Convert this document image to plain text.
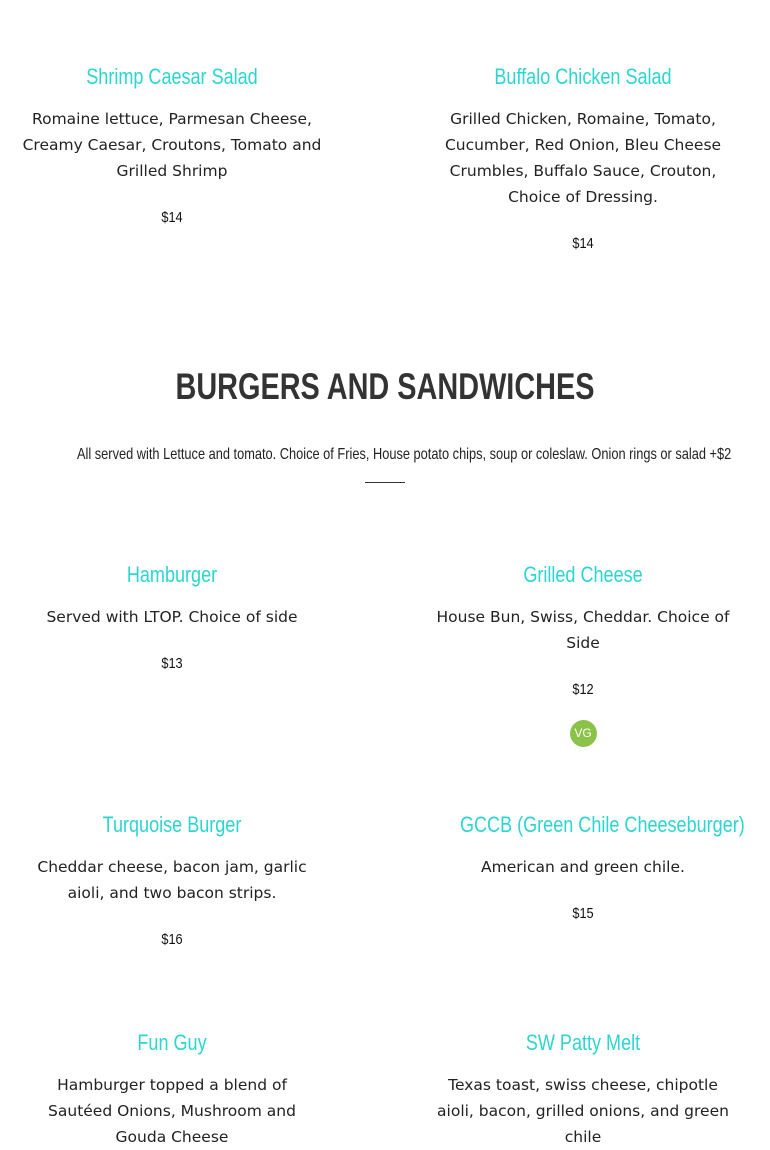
Shrimp Caesar Salad

Romaine lettuce, Parmesan Cheese, Creamy Caesar, Croutons, Tomato and Grilled Shrimp

$14

Buffalo Chicken Salad

Grilled Chicken, Romaine, Tomato, Cucumber, Red Onion, Bleu Cheese Crumbles, Buffalo Sauce, Crouton, Choice of Dressing.

$14

BURGERS AND SANDWICHES

All served with Lettuce and tomato. Choice of Fries, House potato chips, soup or coleslaw. Onion rings or salad +$2

Hamburger

Served with LTOP. Choice of side

$13

Grilled Cheese

House Bun, Swiss, Cheddar. Choice of Side

$12

VG

Turquoise Burger

Cheddar cheese, bacon jam, garlic aioli, and two bacon strips.

$16

GCCB (Green Chile Cheeseburger)

American and green chile.

$15

Fun Guy

Hamburger topped a blend of Sautéed Onions, Mushroom and Gouda Cheese

SW Patty Melt

Texas toast, swiss cheese, chipotle aioli, bacon, grilled onions, and green chile
